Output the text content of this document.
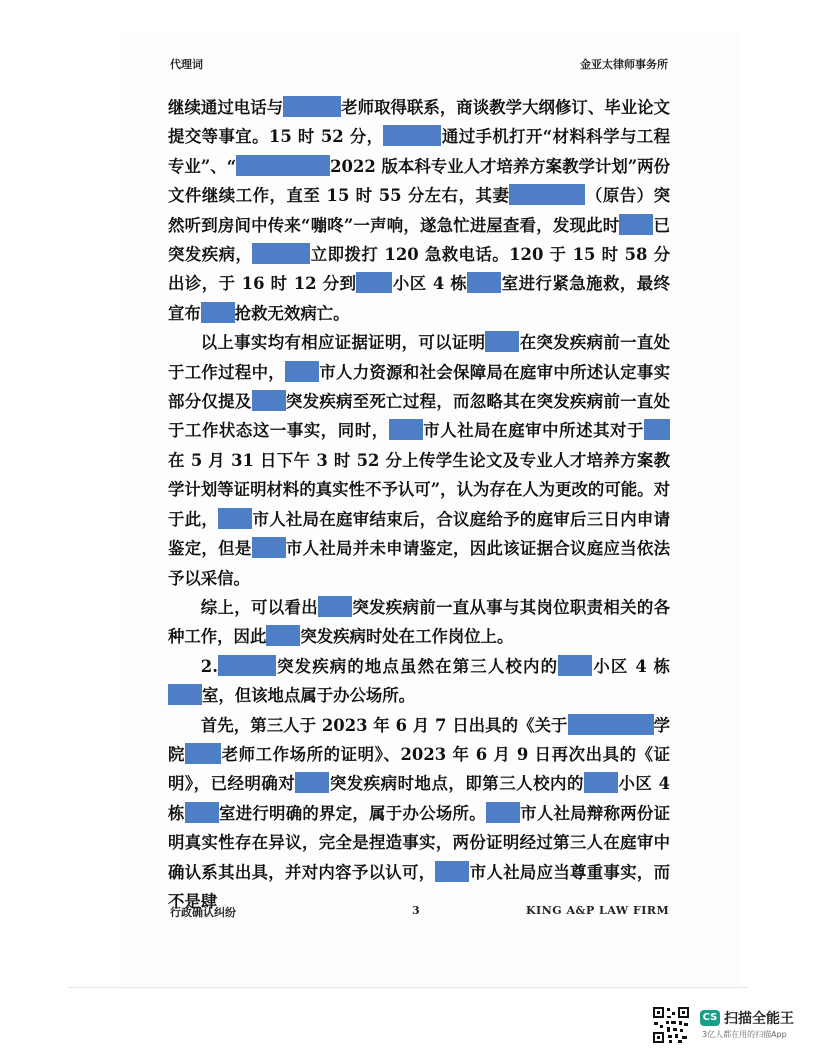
代理词	金亚太律师事务所

继续通过电话与	老师取得联系，商谈教学大纲修订、毕业论文提交等事宜。15 时 52 分，	通过手机打开“材料科学与工程专业”、“	2022 版本科专业人才培养方案教学计划”两份文件继续工作，直至 15 时 55 分左右，其妻	（原告）突然听到房间中传来“嘣咚”一声响，遂急忙进屋查看，发现此时 已突发疾病，	立即拨打 120 急救电话。120 于 15 时 58 分出诊，于 16 时 12 分到 小区 4 栋 室进行紧急施救，最终宣布 抢救无效病亡。

以上事实均有相应证据证明，可以证明 在突发疾病前一直处于工作过程中， 市人力资源和社会保障局在庭审中所述认定事实部分仅提及 突发疾病至死亡过程，而忽略其在突发疾病前一直处于工作状态这一事实，同时， 市人社局在庭审中所述其对于在 5 月 31 日下午 3 时 52 分上传学生论文及专业人才培养方案教学计划等证明材料的真实性不予认可”，认为存在人为更改的可能。对于此， 市人社局在庭审结束后，合议庭给予的庭审后三日内申请鉴定，但是 市人社局并未申请鉴定，因此该证据合议庭应当依法予以采信。

综上，可以看出 突发疾病前一直从事与其岗位职责相关的各种工作，因此 突发疾病时处在工作岗位上。

2.	突发疾病的地点虽然在第三人校内的 小区 4 栋室，但该地点属于办公场所。

首先，第三人于 2023 年 6 月 7 日出具的《关于	学院 老师工作场所的证明》、2023 年 6 月 9 日再次出具的《证明》，已经明确对 突发疾病时地点，即第三人校内的 小区 4 栋 室进行明确的界定，属于办公场所。 市人社局辩称两份证明真实性存在异议，完全是捏造事实，两份证明经过第三人在庭审中确认系其出具，并对内容予以认可， 市人社局应当尊重事实，而不是肆

行政确认纠纷	3	KING A&P LAW FIRM
CS 扫描全能王
3亿人都在用的扫描App
